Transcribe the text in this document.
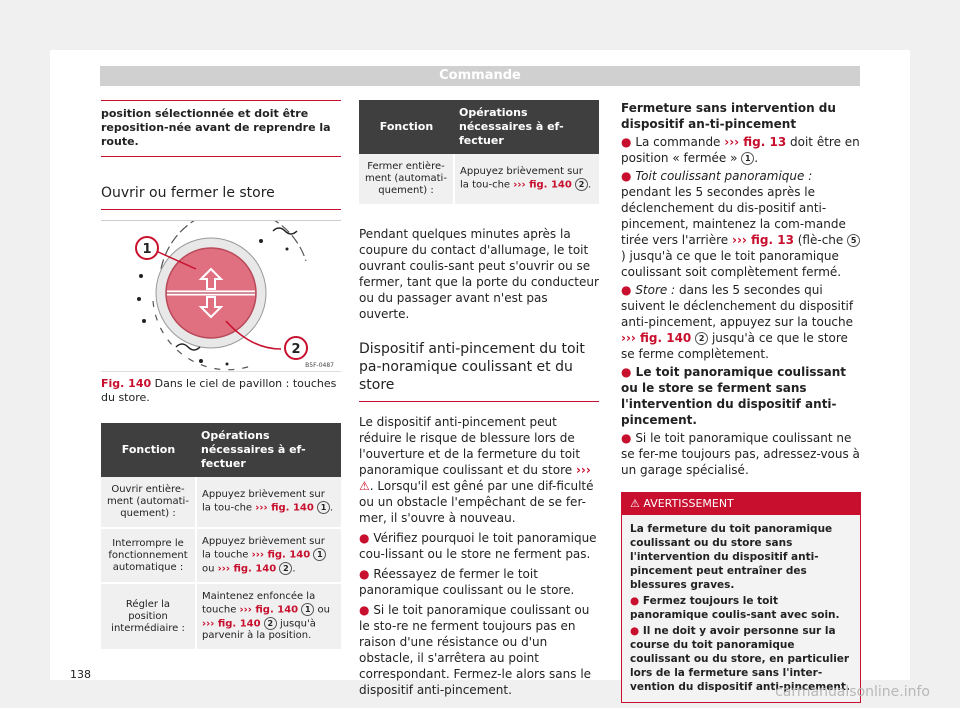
Commande

position sélectionnée et doit être reposition-née avant de reprendre la route.

Ouvrir ou fermer le store
1
2
B5F-0487
Fig. 140 Dans le ciel de pavillon : touches du store.
Fonction	Opérations nécessaires à ef-fectuer
Ouvrir entière-ment (automati-quement) :	Appuyez brièvement sur la tou-che ››› fig. 140 1 .
Interrompre le fonctionnement automatique :	Appuyez brièvement sur la touche ››› fig. 140 1 ou ››› fig. 140 2 .
Régler la position intermédiaire :	Maintenez enfoncée la touche ››› fig. 140 1 ou ››› fig. 140 2 jusqu'à parvenir à la position.
Fonction	Opérations nécessaires à ef-fectuer
Fermer entière-ment (automati-quement) :	Appuyez brièvement sur la tou-che ››› fig. 140 2 .

Pendant quelques minutes après la coupure du contact d'allumage, le toit ouvrant coulis-sant peut s'ouvrir ou se fermer, tant que la porte du conducteur ou du passager avant n'est pas ouverte.

Dispositif anti-pincement du toit pa-noramique coulissant et du store

Le dispositif anti-pincement peut réduire le risque de blessure lors de l'ouverture et de la fermeture du toit panoramique coulissant et du store ››› ⚠. Lorsqu'il est gêné par une dif-ficulté ou un obstacle l'empêchant de se fer-mer, il s'ouvre à nouveau.

● Vérifiez pourquoi le toit panoramique cou-lissant ou le store ne ferment pas.

● Réessayez de fermer le toit panoramique coulissant ou le store.

● Si le toit panoramique coulissant ou le sto-re ne ferment toujours pas en raison d'une résistance ou d'un obstacle, il s'arrêtera au point correspondant. Fermez-le alors sans le dispositif anti-pincement.

Fermeture sans intervention du dispositif an-ti-pincement

● La commande ››› fig. 13 doit être en position « fermée » 1 .

● Toit coulissant panoramique : pendant les 5 secondes après le déclenchement du dis-positif anti-pincement, maintenez la com-mande tirée vers l'arrière ››› fig. 13 (flè-che 5) jusqu'à ce que le toit panoramique coulissant soit complètement fermé.

● Store : dans les 5 secondes qui suivent le déclenchement du dispositif anti-pincement, appuyez sur la touche ››› fig. 140 2 jusqu'à ce que le store se ferme complètement.

● Le toit panoramique coulissant ou le store se ferment sans l'intervention du dispositif anti-pincement.

● Si le toit panoramique coulissant ne se fer-me toujours pas, adressez-vous à un garage spécialisé.

⚠ AVERTISSEMENT

La fermeture du toit panoramique coulissant ou du store sans l'intervention du dispositif anti-pincement peut entraîner des blessures graves.

● Fermez toujours le toit panoramique coulis-sant avec soin.

● Il ne doit y avoir personne sur la course du toit panoramique coulissant ou du store, en particulier lors de la fermeture sans l'inter-vention du dispositif anti-pincement.

138
carmanualsonline.info
